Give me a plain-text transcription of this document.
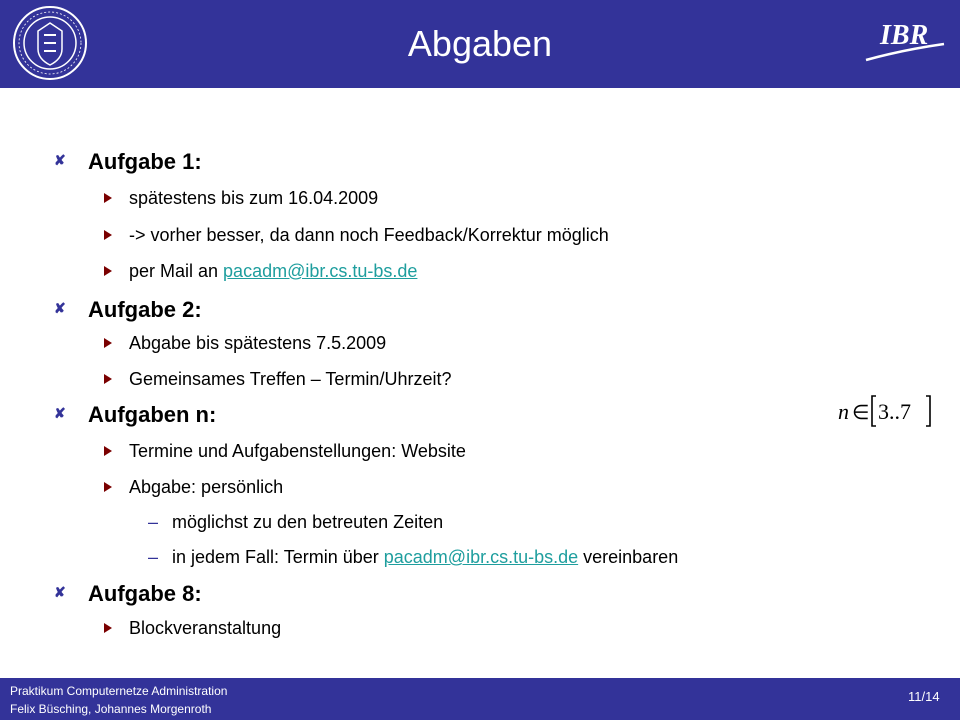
Abgaben	IBR
✘ Aufgabe 1:
spätestens bis zum 16.04.2009
-> vorher besser, da dann noch Feedback/Korrektur möglich
per Mail an pacadm@ibr.cs.tu-bs.de
✘ Aufgabe 2:
Abgabe bis spätestens 7.5.2009
Gemeinsames Treffen – Termin/Uhrzeit?
✘ Aufgaben n:
Termine und Aufgabenstellungen: Website
Abgabe: persönlich
– möglichst zu den betreuten Zeiten
– in jedem Fall: Termin über pacadm@ibr.cs.tu-bs.de vereinbaren
✘ Aufgabe 8:
Blockveranstaltung
n ∈ 3..7
Praktikum Computernetze Administration
Felix Büsching, Johannes Morgenroth
11/14
